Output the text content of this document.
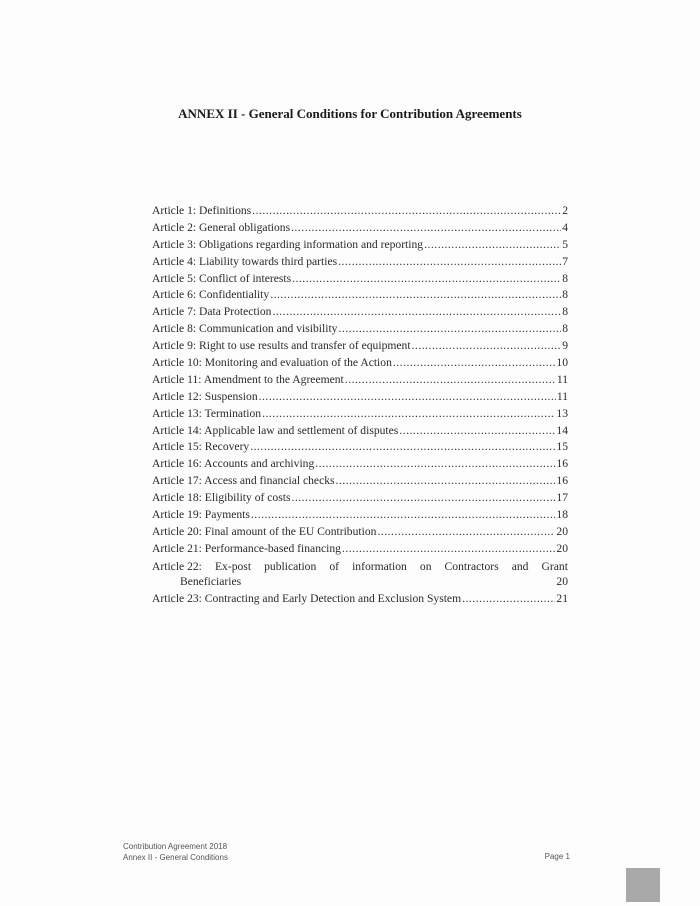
ANNEX II - General Conditions for Contribution Agreements
Article 1: Definitions .....	2
Article 2: General obligations .....	4
Article 3: Obligations regarding information and reporting .....	5
Article 4: Liability towards third parties .....	7
Article 5: Conflict of interests .....	8
Article 6: Confidentiality .....	8
Article 7: Data Protection .....	8
Article 8: Communication and visibility .....	8
Article 9: Right to use results and transfer of equipment .....	9
Article 10: Monitoring and evaluation of the Action .....	10
Article 11: Amendment to the Agreement .....	11
Article 12: Suspension .....	11
Article 13: Termination .....	13
Article 14: Applicable law and settlement of disputes .....	14
Article 15: Recovery .....	15
Article 16: Accounts and archiving .....	16
Article 17: Access and financial checks .....	16
Article 18: Eligibility of costs .....	17
Article 19: Payments .....	18
Article 20: Final amount of the EU Contribution .....	20
Article 21: Performance-based financing .....	20
Article 22: Ex-post publication of information on Contractors and Grant
Beneficiaries	20
Article 23: Contracting and Early Detection and Exclusion System .....	21
Contribution Agreement 2018
Annex II - General Conditions	Page 1
